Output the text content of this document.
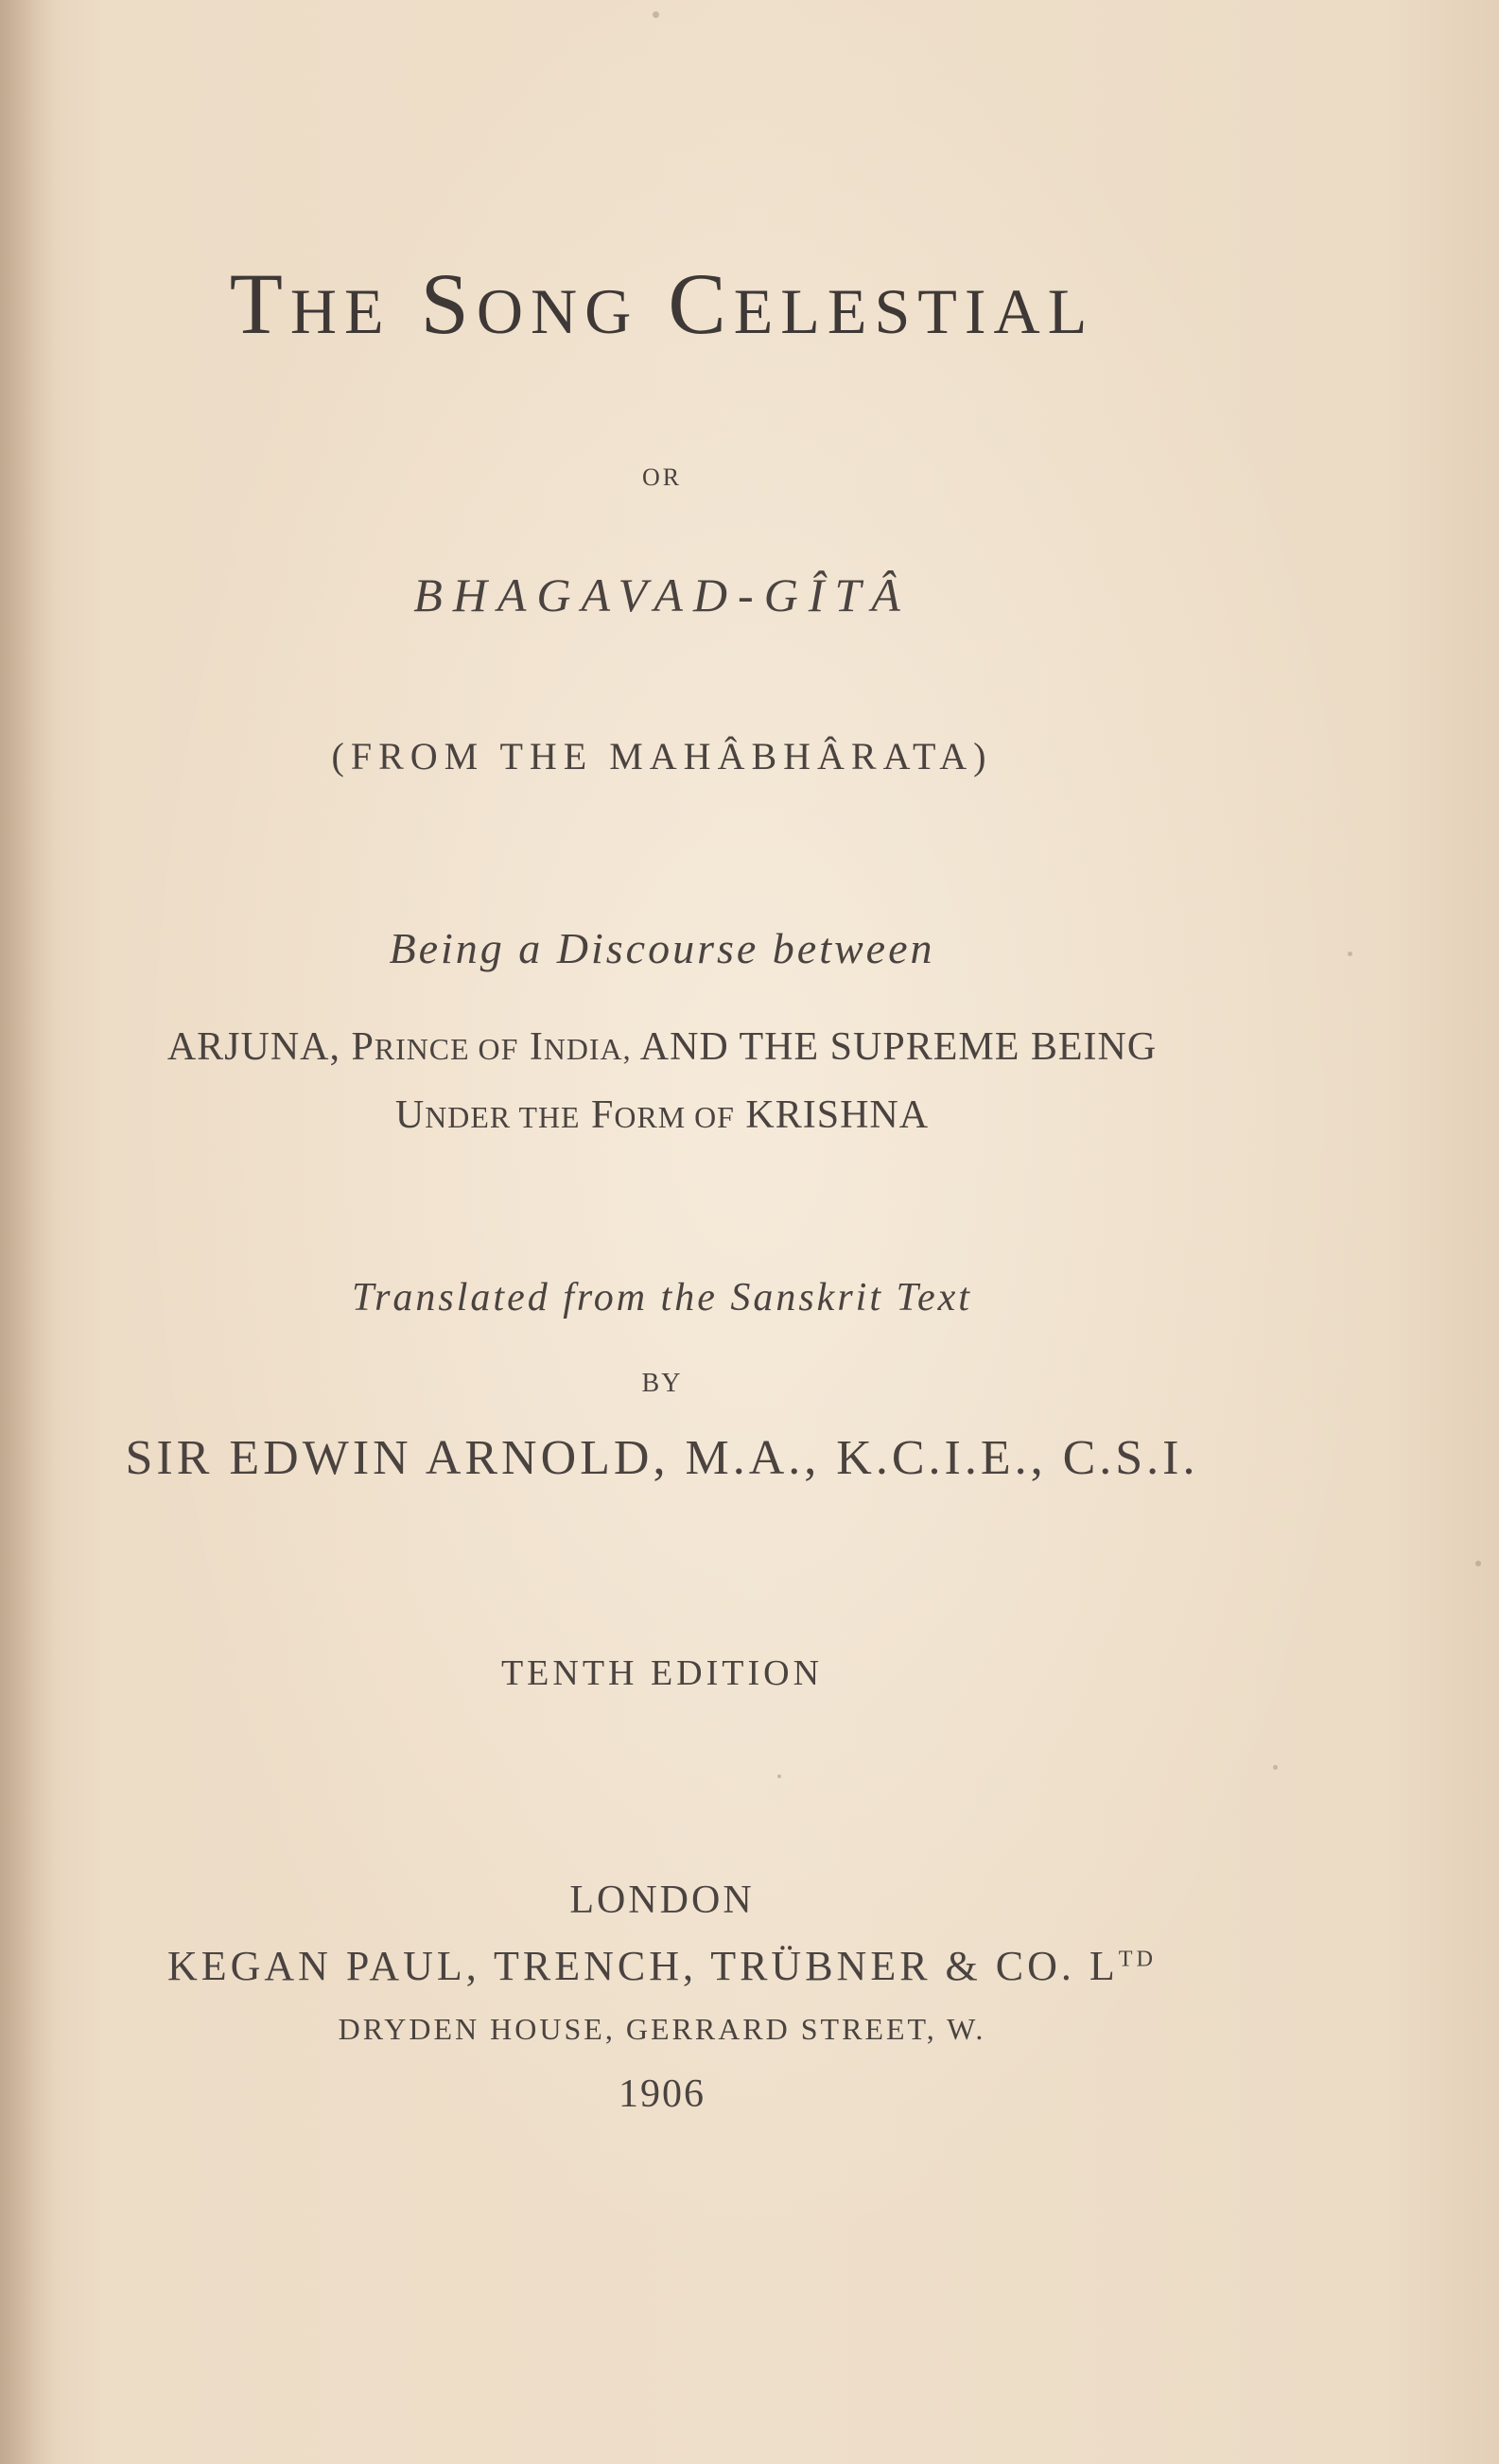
THE SONG CELESTIAL
OR
BHAGAVAD-GÎTÂ
(FROM THE MAHÂBHÂRATA)
Being a Discourse between
ARJUNA, PRINCE OF INDIA, AND THE SUPREME BEING
UNDER THE FORM OF KRISHNA
Translated from the Sanskrit Text
BY
SIR EDWIN ARNOLD, M.A., K.C.I.E., C.S.I.
TENTH EDITION
LONDON
KEGAN PAUL, TRENCH, TRÜBNER & CO. $L^{TD}$
DRYDEN HOUSE, GERRARD STREET, W.
1906
